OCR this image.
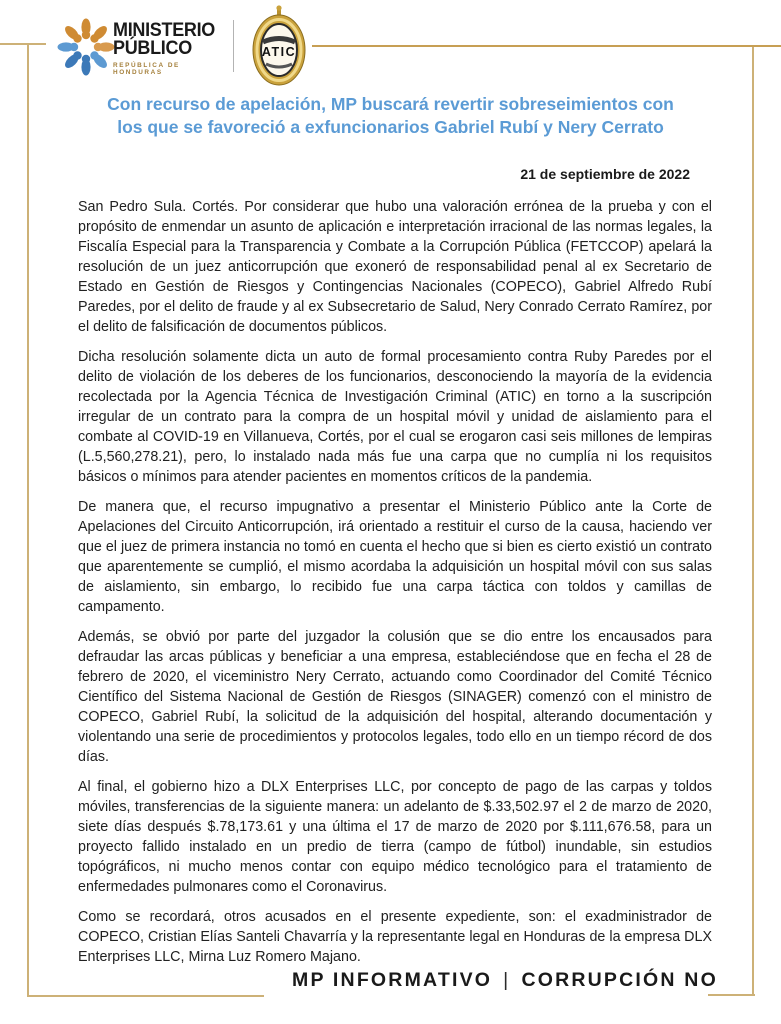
MINISTERIO
PÚBLICO
REPÚBLICA DE HONDURAS
ATIC
Con recurso de apelación, MP buscará revertir sobreseimientos con
los que se favoreció a exfuncionarios Gabriel Rubí y Nery Cerrato
21 de septiembre de 2022

San Pedro Sula. Cortés. Por considerar que hubo una valoración errónea de la prueba y con el propósito de enmendar un asunto de aplicación e interpretación irracional de las normas legales, la Fiscalía Especial para la Transparencia y Combate a la Corrupción Pública (FETCCOP) apelará la resolución de un juez anticorrupción que exoneró de responsabilidad penal al ex Secretario de Estado en Gestión de Riesgos y Contingencias Nacionales (COPECO), Gabriel Alfredo Rubí Paredes, por el delito de fraude y al ex Subsecretario de Salud, Nery Conrado Cerrato Ramírez, por el delito de falsificación de documentos públicos.

Dicha resolución solamente dicta un auto de formal procesamiento contra Ruby Paredes por el delito de violación de los deberes de los funcionarios, desconociendo la mayoría de la evidencia recolectada por la Agencia Técnica de Investigación Criminal (ATIC) en torno a la suscripción irregular de un contrato para la compra de un hospital móvil y unidad de aislamiento para el combate al COVID-19 en Villanueva, Cortés, por el cual se erogaron casi seis millones de lempiras (L.5,560,278.21), pero, lo instalado nada más fue una carpa que no cumplía ni los requisitos básicos o mínimos para atender pacientes en momentos críticos de la pandemia.

De manera que, el recurso impugnativo a presentar el Ministerio Público ante la Corte de Apelaciones del Circuito Anticorrupción, irá orientado a restituir el curso de la causa, haciendo ver que el juez de primera instancia no tomó en cuenta el hecho que si bien es cierto existió un contrato que aparentemente se cumplió, el mismo acordaba la adquisición un hospital móvil con sus salas de aislamiento, sin embargo, lo recibido fue una carpa táctica con toldos y camillas de campamento.

Además, se obvió por parte del juzgador la colusión que se dio entre los encausados para defraudar las arcas públicas y beneficiar a una empresa, estableciéndose que en fecha el 28 de febrero de 2020, el viceministro Nery Cerrato, actuando como Coordinador del Comité Técnico Científico del Sistema Nacional de Gestión de Riesgos (SINAGER) comenzó con el ministro de COPECO, Gabriel Rubí, la solicitud de la adquisición del hospital, alterando documentación y violentando una serie de procedimientos y protocolos legales, todo ello en un tiempo récord de dos días.

Al final, el gobierno hizo a DLX Enterprises LLC, por concepto de pago de las carpas y toldos móviles, transferencias de la siguiente manera: un adelanto de $.33,502.97 el 2 de marzo de 2020, siete días después $.78,173.61 y una última el 17 de marzo de 2020 por $.111,676.58, para un proyecto fallido instalado en un predio de tierra (campo de fútbol) inundable, sin estudios topógráficos, ni mucho menos contar con equipo médico tecnológico para el tratamiento de enfermedades pulmonares como el Coronavirus.

Como se recordará, otros acusados en el presente expediente, son: el exadministrador de COPECO, Cristian Elías Santeli Chavarría y la representante legal en Honduras de la empresa DLX Enterprises LLC, Mirna Luz Romero Majano.

MP INFORMATIVO | CORRUPCIÓN NO
